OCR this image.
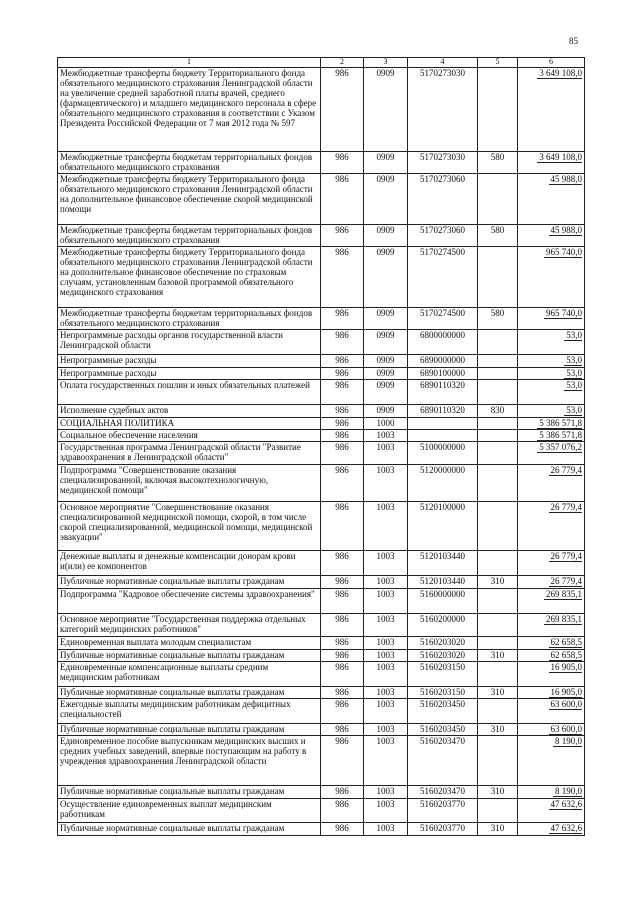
85
1	2	3	4	5	6
Межбюджетные трансферты бюджету Территориального фонда обязательного медицинского страхования Ленинградской области на увеличение средней заработной платы врачей, среднего (фармацевтического) и младшего медицинского персонала в сфере обязательного медицинского страхования в соответствии с Указом Президента Российской Федерации от 7 мая 2012 года № 597	986	0909	5170273030		3 649 108,0
Межбюджетные трансферты бюджетам территориальных фондов обязательного медицинского страхования	986	0909	5170273030	580	3 649 108,0
Межбюджетные трансферты бюджету Территориального фонда обязательного медицинского страхования Ленинградской области на дополнительное финансовое обеспечение скорой медицинской помощи	986	0909	5170273060		45 988,0
Межбюджетные трансферты бюджетам территориальных фондов обязательного медицинского страхования	986	0909	5170273060	580	45 988,0
Межбюджетные трансферты бюджету Территориального фонда обязательного медицинского страхования Ленинградской области на дополнительное финансовое обеспечение по страховым случаям, установленным базовой программой обязательного медицинского страхования	986	0909	5170274500		965 740,0
Межбюджетные трансферты бюджетам территориальных фондов обязательного медицинского страхования	986	0909	5170274500	580	965 740,0
Непрограммные расходы органов государственной власти Ленинградской области	986	0909	6800000000		53,0
Непрограммные расходы	986	0909	6890000000		53,0
Непрограммные расходы	986	0909	6890100000		53,0
Оплата государственных пошлин и иных обязательных платежей	986	0909	6890110320		53,0
Исполнение судебных актов	986	0909	6890110320	830	53,0
СОЦИАЛЬНАЯ ПОЛИТИКА	986	1000			5 386 571,8
Социальное обеспечение населения	986	1003			5 386 571,8
Государственная программа Ленинградской области "Развитие здравоохранения в Ленинградской области"	986	1003	5100000000		5 357 076,2
Подпрограмма "Совершенствование оказания специализированной, включая высокотехнологичную, медицинской помощи"	986	1003	5120000000		26 779,4
Основное мероприятие "Совершенствование оказания специализированной медицинской помощи, скорой, в том числе скорой специализированной, медицинской помощи, медицинской эвакуации"	986	1003	5120100000		26 779,4
Денежные выплаты и денежные компенсации донорам крови и(или) ее компонентов	986	1003	5120103440		26 779,4
Публичные нормативные социальные выплаты гражданам	986	1003	5120103440	310	26 779,4
Подпрограмма "Кадровое обеспечение системы здравоохранения"	986	1003	5160000000		269 835,1
Основное мероприятие "Государственная поддержка отдельных категорий медицинских работников"	986	1003	5160200000		269 835,1
Единовременная выплата молодым специалистам	986	1003	5160203020		62 658,5
Публичные нормативные социальные выплаты гражданам	986	1003	5160203020	310	62 658,5
Единовременные компенсационные выплаты средним медицинским работникам	986	1003	5160203150		16 905,0
Публичные нормативные социальные выплаты гражданам	986	1003	5160203150	310	16 905,0
Ежегодные выплаты медицинским работникам дефицитных специальностей	986	1003	5160203450		63 600,0
Публичные нормативные социальные выплаты гражданам	986	1003	5160203450	310	63 600,0
Единовременное пособие выпускникам медицинских высших и средних учебных заведений, впервые поступающим на работу в учреждения здравоохранения Ленинградской области	986	1003	5160203470		8 190,0
Публичные нормативные социальные выплаты гражданам	986	1003	5160203470	310	8 190,0
Осуществление единовременных выплат медицинским работникам	986	1003	5160203770		47 632,6
Публичные нормативные социальные выплаты гражданам	986	1003	5160203770	310	47 632,6
